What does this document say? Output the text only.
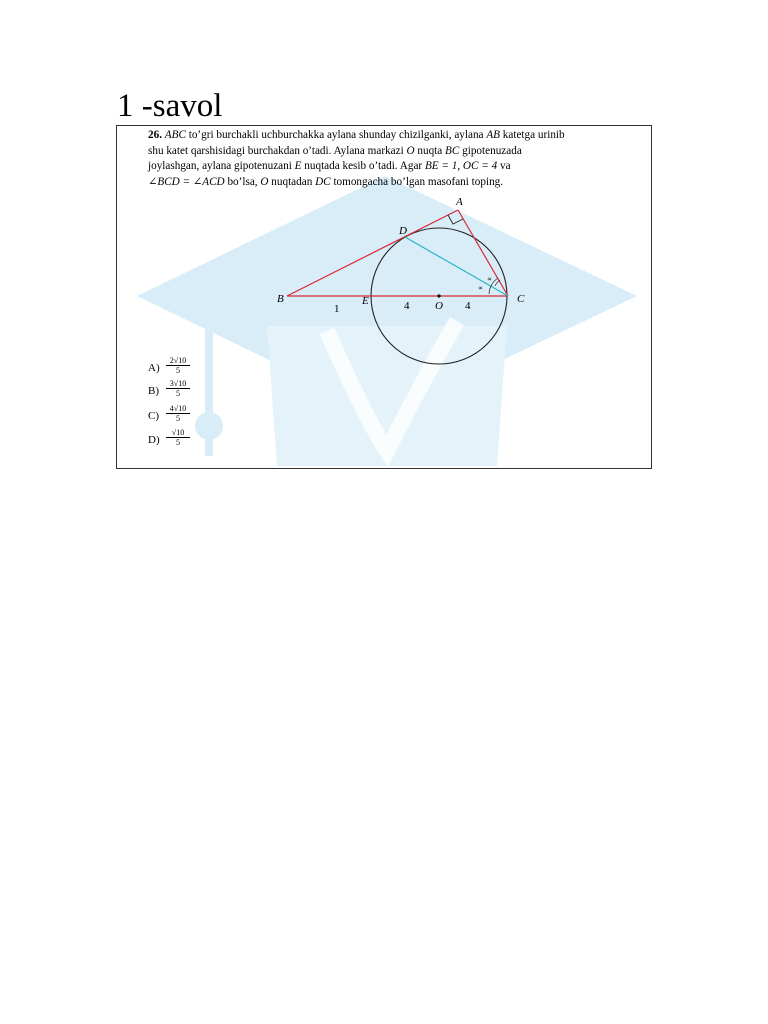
1 -savol
26. ABC to’gri burchakli uchburchakka aylana shunday chizilganki, aylana AB katetga urinib
shu katet qarshisidagi burchakdan o’tadi. Aylana markazi O nuqta BC gipotenuzada
joylashgan, aylana gipotenuzani E nuqtada kesib o’tadi. Agar BE = 1, OC = 4 va
∠BCD = ∠ACD bo’lsa, O nuqtadan DC tomongacha bo’lgan masofani toping.
A
B	C
D
E	O
1	4	4
∝
∝
$A) \frac{2√10}{5}$
$B) \frac{3√10}{5}$
$C) \frac{4√10}{5}$
$D) \frac{√10}{5}$
